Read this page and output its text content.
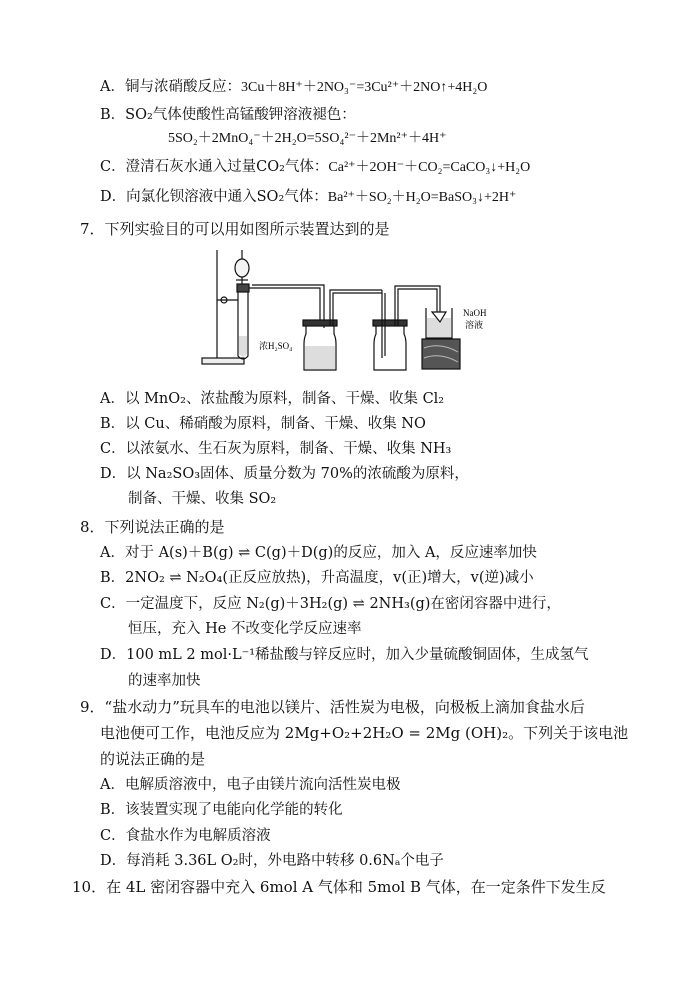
A．铜与浓硝酸反应：3Cu＋8H⁺＋2NO₃⁻=3Cu²⁺＋2NO↑+4H₂O
B．SO₂气体使酸性高锰酸钾溶液褪色：
5SO₂＋2MnO₄⁻＋2H₂O=5SO₄²⁻＋2Mn²⁺＋4H⁺
C．澄清石灰水通入过量CO₂气体：Ca²⁺＋2OH⁻＋CO₂=CaCO₃↓+H₂O
D．向氯化钡溶液中通入SO₂气体：Ba²⁺＋SO₂＋H₂O=BaSO₃↓+2H⁺
7．下列实验目的可以用如图所示装置达到的是
浓H₂SO₄
NaOH
溶液
A．以 MnO₂、浓盐酸为原料，制备、干燥、收集 Cl₂
B．以 Cu、稀硝酸为原料，制备、干燥、收集 NO
C．以浓氨水、生石灰为原料，制备、干燥、收集 NH₃
D．以 Na₂SO₃固体、质量分数为 70%的浓硫酸为原料，
制备、干燥、收集 SO₂
8．下列说法正确的是
A．对于 A(s)＋B(g) ⇌ C(g)＋D(g)的反应，加入 A，反应速率加快
B．2NO₂ ⇌ N₂O₄(正反应放热)，升高温度，v(正)增大，v(逆)减小
C．一定温度下，反应 N₂(g)＋3H₂(g) ⇌ 2NH₃(g)在密闭容器中进行，
恒压，充入 He 不改变化学反应速率
D．100 mL 2 mol·L⁻¹稀盐酸与锌反应时，加入少量硫酸铜固体，生成氢气
的速率加快
9．“盐水动力”玩具车的电池以镁片、活性炭为电极，向极板上滴加食盐水后
电池便可工作，电池反应为 2Mg+O₂+2H₂O = 2Mg (OH)₂。下列关于该电池
的说法正确的是
A．电解质溶液中，电子由镁片流向活性炭电极
B．该装置实现了电能向化学能的转化
C．食盐水作为电解质溶液
D．每消耗 3.36L O₂时，外电路中转移 0.6Nₐ个电子
10．在 4L 密闭容器中充入 6mol A 气体和 5mol B 气体，在一定条件下发生反
